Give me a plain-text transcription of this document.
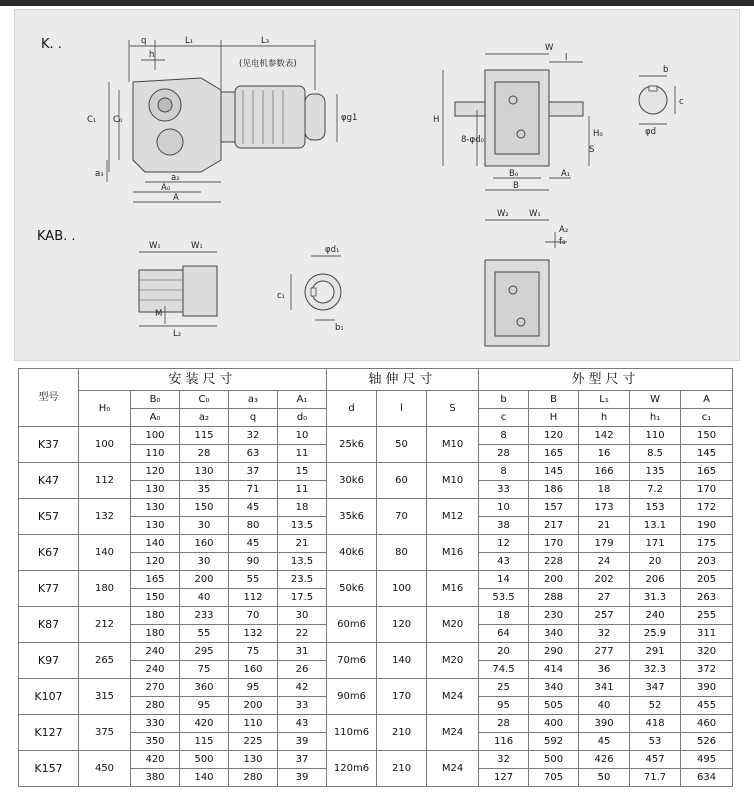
K. .
KAB. .
q	L₁	L₃
(见电机参数表)
h
C₁ C₀	φg1
a₃	a₂
A₀
A
W
l
H
8-φd₀
H₀
S
B₀
B
A₁
b
c
φd
W₁	W₁
M
L₂
φd₁
c₁
b₁
W₂ W₁
A₂
f₄
型号	安装尺寸					轴伸尺寸			外型尺寸				
	H₀	B₀	C₀	a₃	A₁	d	l	S	b	B	L₁	W	A
		A₀	a₂	q	d₀				c	H	h	h₁	c₁
K37	100	100	115	32	10	25k6	50	M10	8	120	142	110	150
		110	28	63	11				28	165	16	8.5	145
K47	112	120	130	37	15	30k6	60	M10	8	145	166	135	165
		130	35	71	11				33	186	18	7.2	170
K57	132	130	150	45	18	35k6	70	M12	10	157	173	153	172
		130	30	80	13.5				38	217	21	13.1	190
K67	140	140	160	45	21	40k6	80	M16	12	170	179	171	175
		120	30	90	13.5				43	228	24	20	203
K77	180	165	200	55	23.5	50k6	100	M16	14	200	202	206	205
		150	40	112	17.5				53.5	288	27	31.3	263
K87	212	180	233	70	30	60m6	120	M20	18	230	257	240	255
		180	55	132	22				64	340	32	25.9	311
K97	265	240	295	75	31	70m6	140	M20	20	290	277	291	320
		240	75	160	26				74.5	414	36	32.3	372
K107	315	270	360	95	42	90m6	170	M24	25	340	341	347	390
		280	95	200	33				95	505	40	52	455
K127	375	330	420	110	43	110m6	210	M24	28	400	390	418	460
		350	115	225	39				116	592	45	53	526
K157	450	420	500	130	37	120m6	210	M24	32	500	426	457	495
		380	140	280	39				127	705	50	71.7	634
